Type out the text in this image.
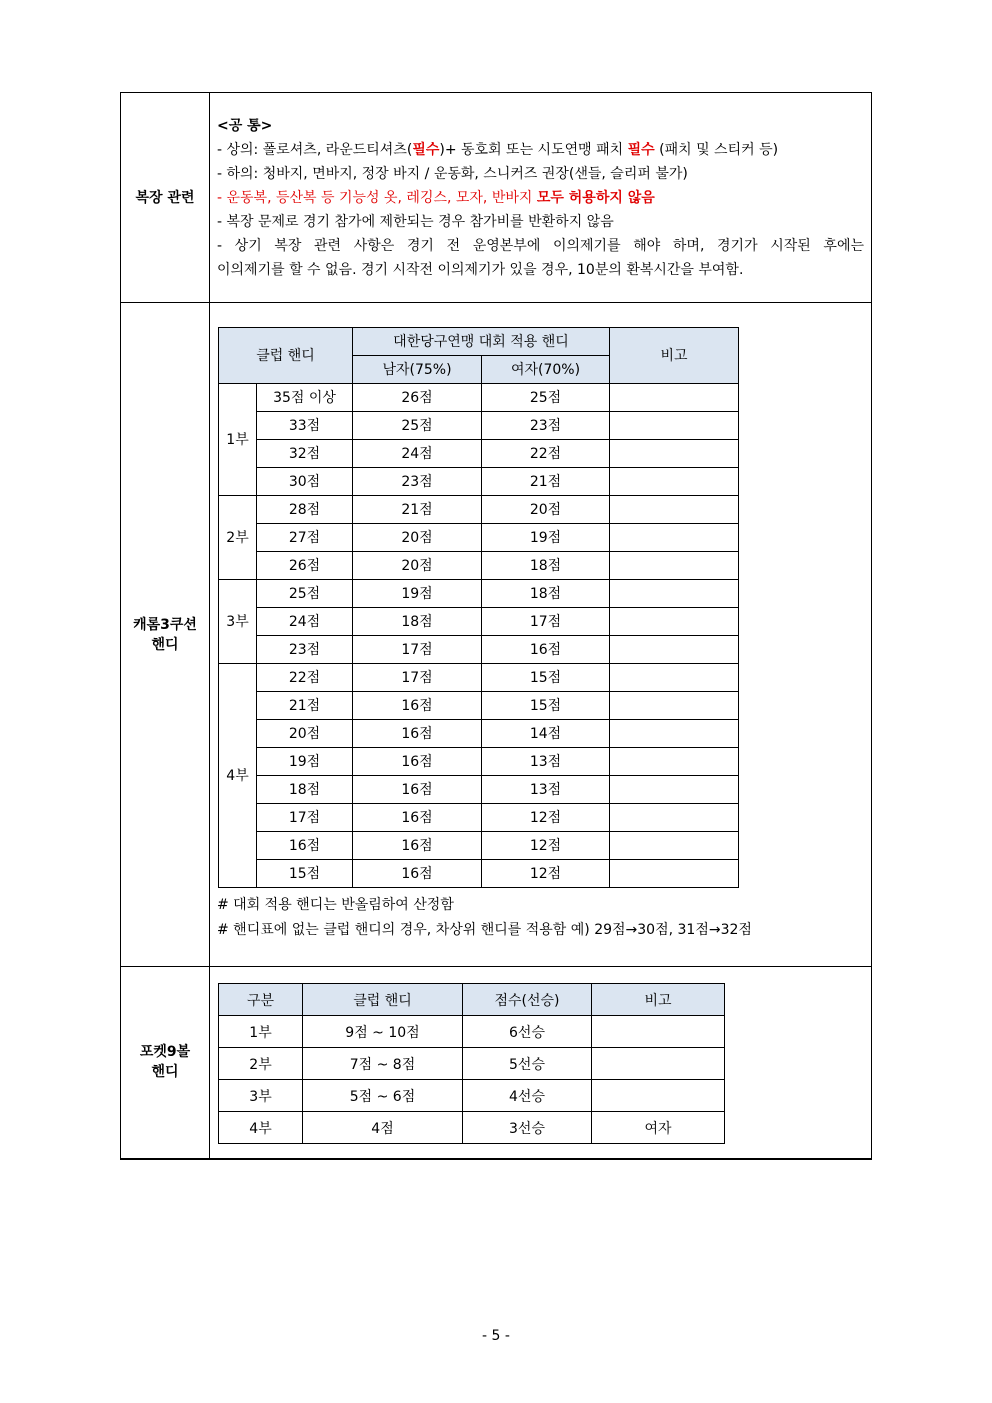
복장 관련	

<공 통>

- 상의: 폴로셔츠, 라운드티셔츠(필수)+ 동호회 또는 시도연맹 패치 필수 (패치 및 스티커 등)

- 하의: 청바지, 면바지, 정장 바지 / 운동화, 스니커즈 권장(샌들, 슬리퍼 불가)

- 운동복, 등산복 등 기능성 옷, 레깅스, 모자, 반바지 모두 허용하지 않음

- 복장 문제로 경기 참가에 제한되는 경우 참가비를 반환하지 않음

- 상기 복장 관련 사항은 경기 전 운영본부에 이의제기를 해야 하며, 경기가 시작된 후에는

이의제기를 할 수 없음. 경기 시작전 이의제기가 있을 경우, 10분의 환복시간을 부여함.

캐롬3쿠션
핸디

클럽 핸디	대한당구연맹 대회 적용 핸디	비고
남자(75%)	여자(70%)
1부	35점 이상	26점	25점	
33점	25점	23점	
32점	24점	22점	
30점	23점	21점	
2부	28점	21점	20점	
27점	20점	19점	
26점	20점	18점	
3부	25점	19점	18점	
24점	18점	17점	
23점	17점	16점	
4부	22점	17점	15점	
21점	16점	15점	
20점	16점	14점	
19점	16점	13점	
18점	16점	13점	
17점	16점	12점	
16점	16점	12점	
15점	16점	12점	

# 대회 적용 핸디는 반올림하여 산정함

# 핸디표에 없는 클럽 핸디의 경우, 차상위 핸디를 적용함 예) 29점→30점, 31점→32점

포켓9볼
핸디

구분	클럽 핸디	점수(선승)	비고
1부	9점 ~ 10점	6선승	
2부	7점 ~ 8점	5선승	
3부	5점 ~ 6점	4선승	
4부	4점	3선승	여자
- 5 -
